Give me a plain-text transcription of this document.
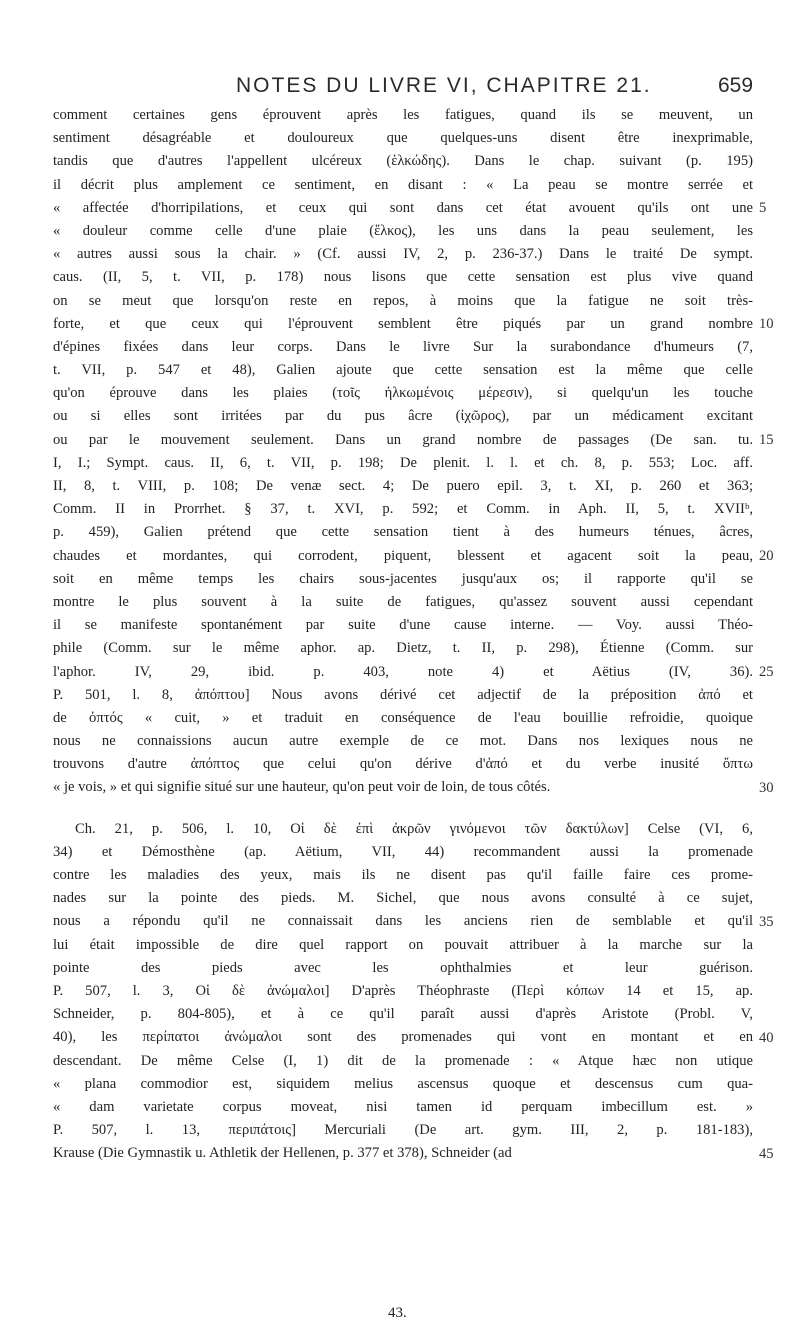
NOTES DU LIVRE VI, CHAPITRE 21.	659
comment certaines gens éprouvent après les fatigues, quand ils se meuvent, un
sentiment désagréable et douloureux que quelques-uns disent être inexprimable,
tandis que d'autres l'appellent ulcéreux (ἑλκώδης). Dans le chap. suivant (p. 195)
il décrit plus amplement ce sentiment, en disant : « La peau se montre serrée et
« affectée d'horripilations, et ceux qui sont dans cet état avouent qu'ils ont une
« douleur comme celle d'une plaie (ἕλκος), les uns dans la peau seulement, les
« autres aussi sous la chair. » (Cf. aussi IV, 2, p. 236-37.) Dans le traité De sympt.
caus. (II, 5, t. VII, p. 178) nous lisons que cette sensation est plus vive quand
on se meut que lorsqu'on reste en repos, à moins que la fatigue ne soit très-
forte, et que ceux qui l'éprouvent semblent être piqués par un grand nombre
d'épines fixées dans leur corps. Dans le livre Sur la surabondance d'humeurs (7,
t. VII, p. 547 et 48), Galien ajoute que cette sensation est la même que celle
qu'on éprouve dans les plaies (τοῖς ἡλκωμένοις μέρεσιν), si quelqu'un les touche
ou si elles sont irritées par du pus âcre (ἰχῶρος), par un médicament excitant
ou par le mouvement seulement. Dans un grand nombre de passages (De san. tu.
I, I.; Sympt. caus. II, 6, t. VII, p. 198; De plenit. l. l. et ch. 8, p. 553; Loc. aff.
II, 8, t. VIII, p. 108; De venæ sect. 4; De puero epil. 3, t. XI, p. 260 et 363;
Comm. II in Prorrhet. § 37, t. XVI, p. 592; et Comm. in Aph. II, 5, t. XVIIᵇ,
p. 459), Galien prétend que cette sensation tient à des humeurs ténues, âcres,
chaudes et mordantes, qui corrodent, piquent, blessent et agacent soit la peau,
soit en même temps les chairs sous-jacentes jusqu'aux os; il rapporte qu'il se
montre le plus souvent à la suite de fatigues, qu'assez souvent aussi cependant
il se manifeste spontanément par suite d'une cause interne. — Voy. aussi Théo-
phile (Comm. sur le même aphor. ap. Dietz, t. II, p. 298), Étienne (Comm. sur
l'aphor. IV, 29, ibid. p. 403, note 4) et Aëtius (IV, 36).
P. 501, l. 8, ἀπόπτου] Nous avons dérivé cet adjectif de la préposition ἀπό et
de ὀπτός « cuit, » et traduit en conséquence de l'eau bouillie refroidie, quoique
nous ne connaissions aucun autre exemple de ce mot. Dans nos lexiques nous ne
trouvons d'autre ἀπόπτος que celui qu'on dérive d'ἀπό et du verbe inusité ὄπτω
« je vois, » et qui signifie situé sur une hauteur, qu'on peut voir de loin, de tous côtés.
Ch. 21, p. 506, l. 10, Οἱ δὲ ἐπὶ ἀκρῶν γινόμενοι τῶν δακτύλων] Celse (VI, 6,
34) et Démosthène (ap. Aëtium, VII, 44) recommandent aussi la promenade
contre les maladies des yeux, mais ils ne disent pas qu'il faille faire ces prome-
nades sur la pointe des pieds. M. Sichel, que nous avons consulté à ce sujet,
nous a répondu qu'il ne connaissait dans les anciens rien de semblable et qu'il
lui était impossible de dire quel rapport on pouvait attribuer à la marche sur la
pointe des pieds avec les ophthalmies et leur guérison.
P. 507, l. 3, Οἱ δὲ ἀνώμαλοι] D'après Théophraste (Περὶ κόπων 14 et 15, ap.
Schneider, p. 804-805), et à ce qu'il paraît aussi d'après Aristote (Probl. V,
40), les περίπατοι ἀνώμαλοι sont des promenades qui vont en montant et en
descendant. De même Celse (I, 1) dit de la promenade : « Atque hæc non utique
« plana commodior est, siquidem melius ascensus quoque et descensus cum qua-
« dam varietate corpus moveat, nisi tamen id perquam imbecillum est. »
P. 507, l. 13, περιπάτοις] Mercuriali (De art. gym. III, 2, p. 181-183),
Krause (Die Gymnastik u. Athletik der Hellenen, p. 377 et 378), Schneider (ad
5
10
15
20
25
30
35
40
45
43.
